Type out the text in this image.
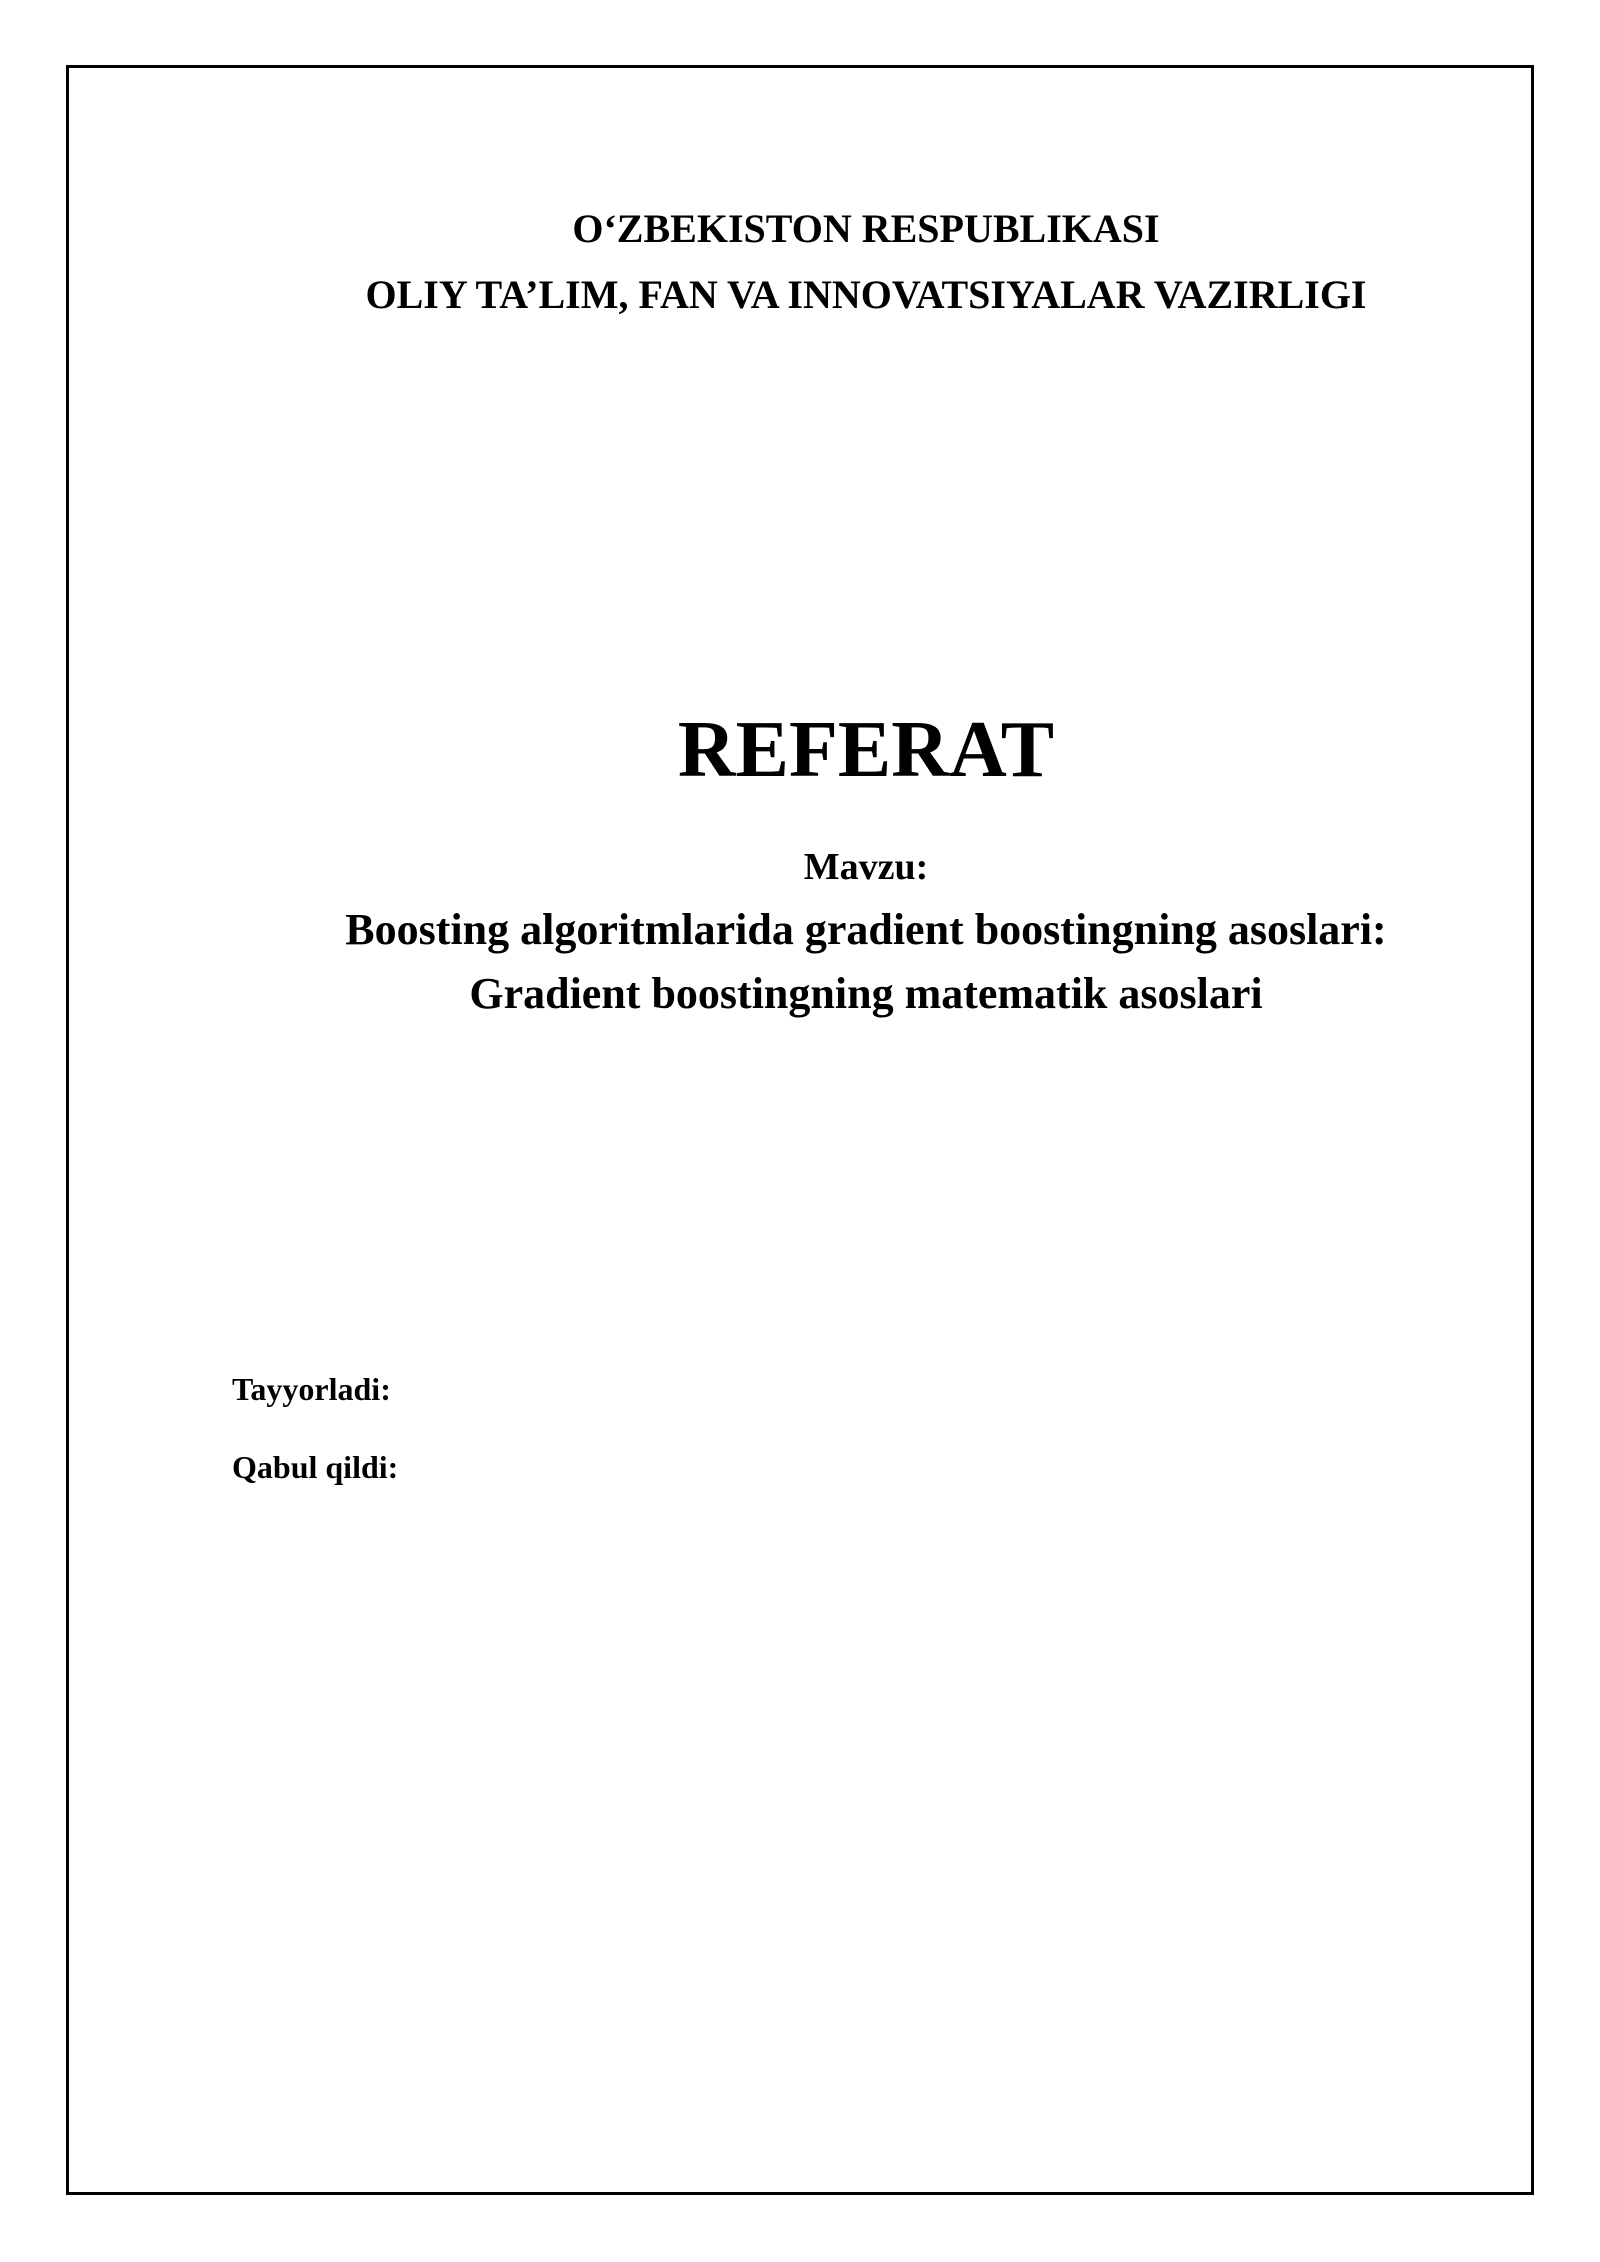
O‘ZBEKISTON RESPUBLIKASI
OLIY TA’LIM, FAN VA INNOVATSIYALAR VAZIRLIGI
REFERAT
Mavzu:
Boosting algoritmlarida gradient boostingning asoslari:
Gradient boostingning matematik asoslari
Tayyorladi:
Qabul qildi:
